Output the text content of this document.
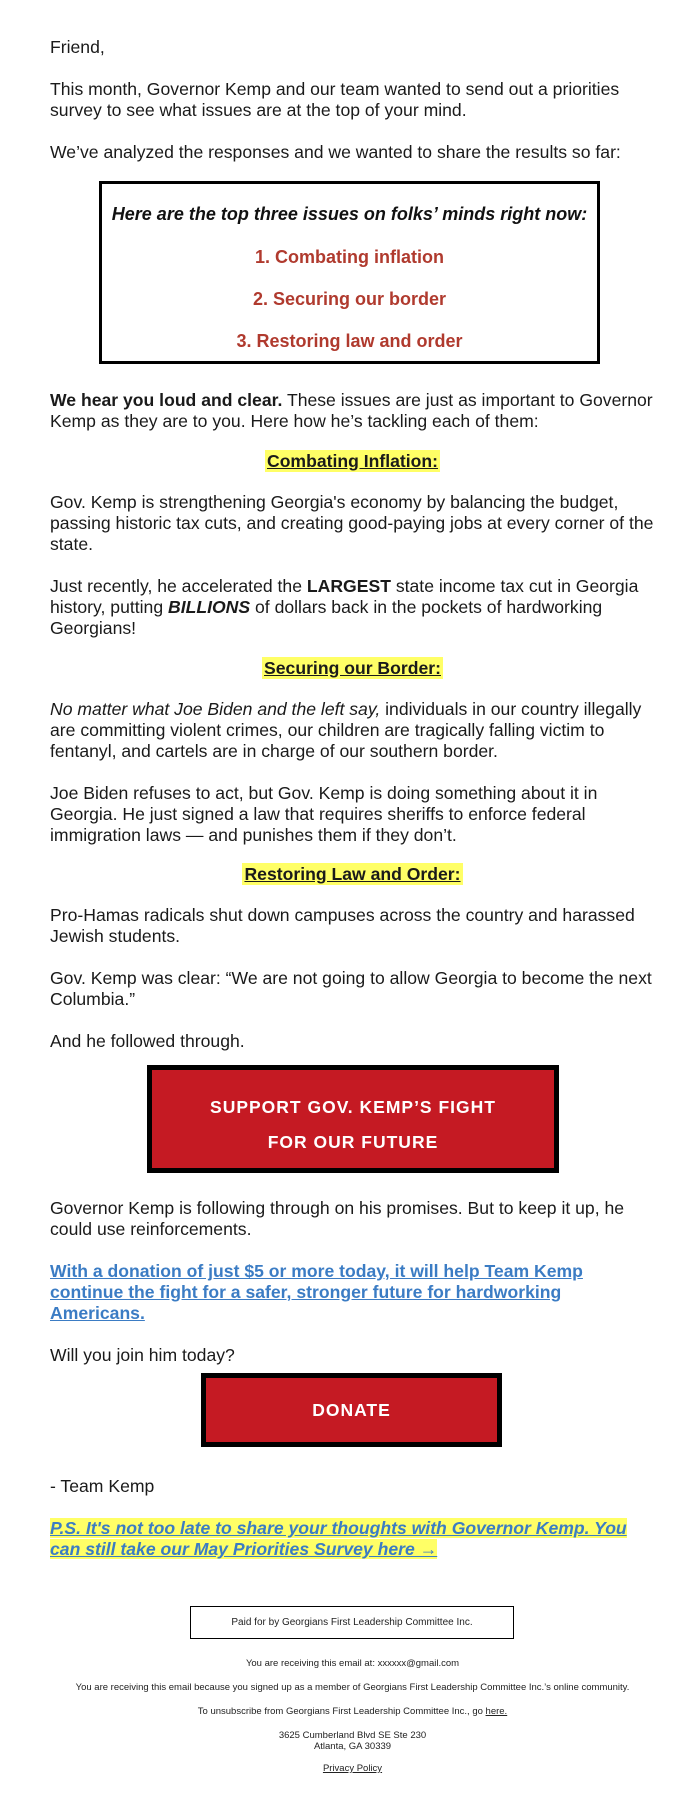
Friend,

This month, Governor Kemp and our team wanted to send out a priorities survey to see what issues are at the top of your mind.

We’ve analyzed the responses and we wanted to share the results so far:

Here are the top three issues on folks’ minds right now:
1. Combating inflation
2. Securing our border
3. Restoring law and order

We hear you loud and clear. These issues are just as important to Governor Kemp as they are to you. Here how he’s tackling each of them:

Combating Inflation:

Gov. Kemp is strengthening Georgia's economy by balancing the budget, passing historic tax cuts, and creating good-paying jobs at every corner of the state.

Just recently, he accelerated the LARGEST state income tax cut in Georgia history, putting BILLIONS of dollars back in the pockets of hardworking Georgians!

Securing our Border:

No matter what Joe Biden and the left say, individuals in our country illegally are committing violent crimes, our children are tragically falling victim to fentanyl, and cartels are in charge of our southern border.

Joe Biden refuses to act, but Gov. Kemp is doing something about it in Georgia. He just signed a law that requires sheriffs to enforce federal immigration laws — and punishes them if they don’t.

Restoring Law and Order:

Pro-Hamas radicals shut down campuses across the country and harassed Jewish students.

Gov. Kemp was clear: “We are not going to allow Georgia to become the next Columbia.”

And he followed through.

SUPPORT GOV. KEMP’S FIGHT
FOR OUR FUTURE

Governor Kemp is following through on his promises. But to keep it up, he could use reinforcements.

With a donation of just $5 or more today, it will help Team Kemp continue the fight for a safer, stronger future for hardworking Americans.

Will you join him today?

DONATE

- Team Kemp

P.S. It's not too late to share your thoughts with Governor Kemp. You
can still take our May Priorities Survey here →

Paid for by Georgians First Leadership Committee Inc.
You are receiving this email at: xxxxxx@gmail.com
You are receiving this email because you signed up as a member of Georgians First Leadership Committee Inc.’s online community.
To unsubscribe from Georgians First Leadership Committee Inc., go here.
3625 Cumberland Blvd SE Ste 230
Atlanta, GA 30339
Privacy Policy
